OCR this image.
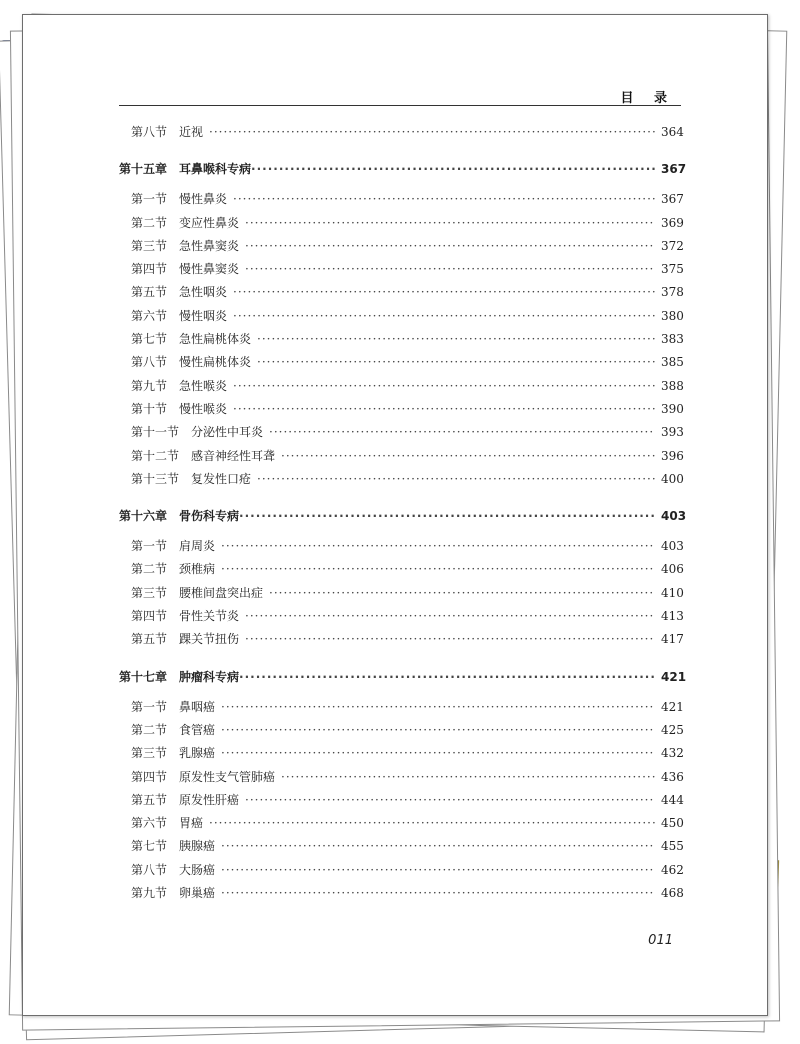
目 录
第八节 近视 ·····	364
第十五章 耳鼻喉科专病 ·····	367
第一节 慢性鼻炎 ·····	367
第二节 变应性鼻炎 ·····	369
第三节 急性鼻窦炎 ·····	372
第四节 慢性鼻窦炎 ·····	375
第五节 急性咽炎 ·····	378
第六节 慢性咽炎 ·····	380
第七节 急性扁桃体炎 ·····	383
第八节 慢性扁桃体炎 ·····	385
第九节 急性喉炎 ·····	388
第十节 慢性喉炎 ·····	390
第十一节 分泌性中耳炎 ·····	393
第十二节 感音神经性耳聋 ·····	396
第十三节 复发性口疮 ·····	400
第十六章 骨伤科专病 ·····	403
第一节 肩周炎 ·····	403
第二节 颈椎病 ·····	406
第三节 腰椎间盘突出症 ·····	410
第四节 骨性关节炎 ·····	413
第五节 踝关节扭伤 ·····	417
第十七章 肿瘤科专病 ·····	421
第一节 鼻咽癌 ·····	421
第二节 食管癌 ·····	425
第三节 乳腺癌 ·····	432
第四节 原发性支气管肺癌 ·····	436
第五节 原发性肝癌 ·····	444
第六节 胃癌 ·····	450
第七节 胰腺癌 ·····	455
第八节 大肠癌 ·····	462
第九节 卵巢癌 ·····	468
011
